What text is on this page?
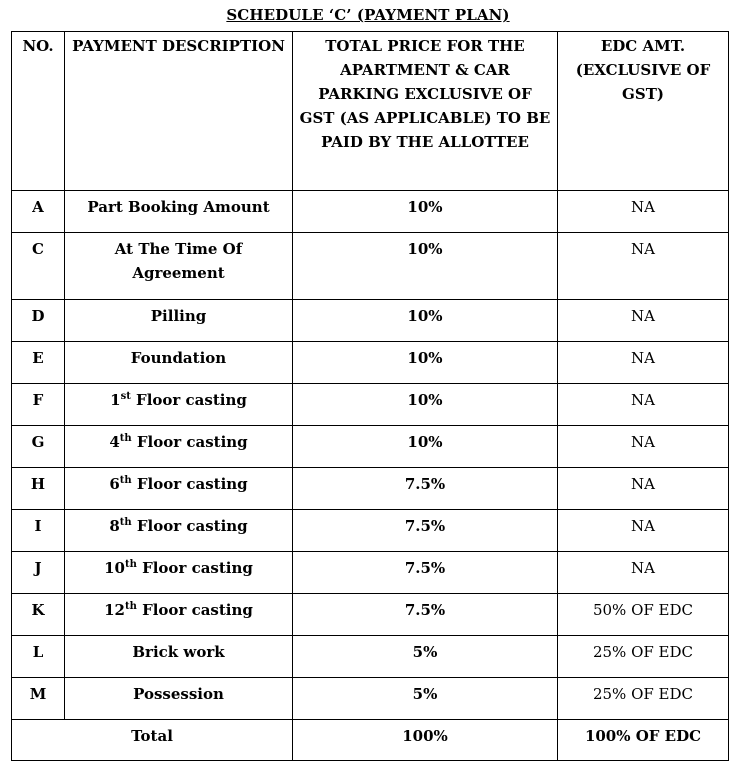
SCHEDULE ‘C’ (PAYMENT PLAN)
NO.	PAYMENT DESCRIPTION	TOTAL PRICE FOR THE APARTMENT & CAR PARKING EXCLUSIVE OF GST (AS APPLICABLE) TO BE PAID BY THE ALLOTTEE	EDC AMT. (EXCLUSIVE OF GST)
A	Part Booking Amount	10%	NA
C	At The Time Of Agreement	10%	NA
D	Pilling	10%	NA
E	Foundation	10%	NA
F	1st Floor casting	10%	NA
G	4th Floor casting	10%	NA
H	6th Floor casting	7.5%	NA
I	8th Floor casting	7.5%	NA
J	10th Floor casting	7.5%	NA
K	12th Floor casting	7.5%	50% OF EDC
L	Brick work	5%	25% OF EDC
M	Possession	5%	25% OF EDC
Total		100%	100% OF EDC
